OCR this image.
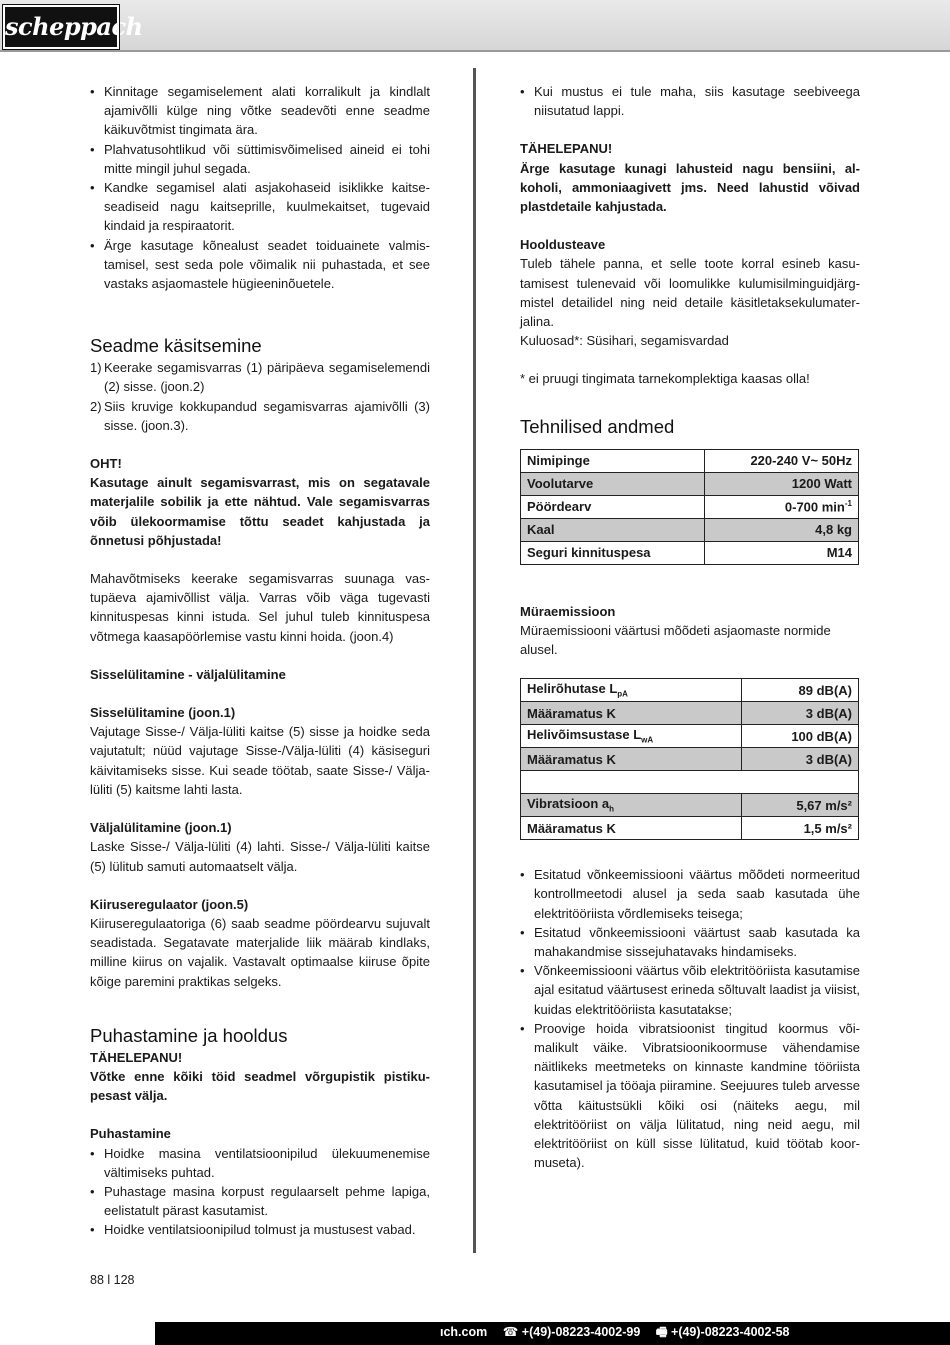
scheppach
• Kinnitage segamiselement alati korralikult ja kindlalt ajamivõlli külge ning võtke seadevõti enne seadme käikuvõtmist tingimata ära.
• Plahvatusohtlikud või süttimisvõimelised aineid ei tohi mitte mingil juhul segada.
• Kandke segamisel alati asjakohaseid isiklikke kaitseseadiseid nagu kaitseprille, kuulmekaitset, tugevaid kindaid ja respiraatorit.
• Ärge kasutage kõnealust seadet toiduainete valmistamisel, sest seda pole võimalik nii puhastada, et see vastaks asjaomastele hügieeninõuetele.
Seadme käsitsemine
1) Keerake segamisvarras (1) päripäeva segamiselemendi (2) sisse. (joon.2)
2) Siis kruvige kokkupandud segamisvarras ajamivõlli (3) sisse. (joon.3).

OHT!

Kasutage ainult segamisvarrast, mis on segatavale materjalile sobilik ja ette nähtud. Vale segamisvarras võib ülekoormamise tõttu seadet kahjustada ja õnnetusi põhjustada!

Mahavõtmiseks keerake segamisvarras suunaga vastupäeva ajamivõllist välja. Varras võib väga tugevasti kinnituspesas kinni istuda. Sel juhul tuleb kinnituspesa võtmega kaasapöörlemise vastu kinni hoida. (joon.4)

Sisselülitamine - väljalülitamine

Sisselülitamine (joon.1)

Vajutage Sisse-/ Välja-lüliti kaitse (5) sisse ja hoidke seda vajutatult; nüüd vajutage Sisse-/Välja-lüliti (4) käsiseguri käivitamiseks sisse. Kui seade töötab, saate Sisse-/ Välja-lüliti (5) kaitsme lahti lasta.

Väljalülitamine (joon.1)

Laske Sisse-/ Välja-lüliti (4) lahti. Sisse-/ Välja-lüliti kaitse (5) lülitub samuti automaatselt välja.

Kiiruseregulaator (joon.5)

Kiiruseregulaatoriga (6) saab seadme pöördearvu sujuvalt seadistada. Segatavate materjalide liik määrab kindlaks, milline kiirus on vajalik. Vastavalt optimaalse kiiruse õpite kõige paremini praktikas selgeks.

Puhastamine ja hooldus

TÄHELEPANU!

Võtke enne kõiki töid seadmel võrgupistik pistikupesast välja.

Puhastamine

• Hoidke masina ventilatsioonipilud ülekuumenemise vältimiseks puhtad.
• Puhastage masina korpust regulaarselt pehme lapiga, eelistatult pärast kasutamist.
• Hoidke ventilatsioonipilud tolmust ja mustusest vabad.
• Kui mustus ei tule maha, siis kasutage seebiveega niisutatud lappi.

TÄHELEPANU!

Ärge kasutage kunagi lahusteid nagu bensiini, alkoholi, ammoniaagivett jms. Need lahustid võivad plastdetaile kahjustada.

Hooldusteave

Tuleb tähele panna, et selle toote korral esineb kasutamisest tulenevaid või loomulikke kulumisilminguidjärgmistel detailidel ning neid detaile käsitletaksekulumaterjalina.

Kuluosad*: Süsihari, segamisvardad

* ei pruugi tingimata tarnekomplektiga kaasas olla!

Tehnilised andmed
Nimipinge	220-240 V~ 50Hz
Voolutarve	1200 Watt
Pöördearv	0-700 $\min^{-1}$
Kaal	4,8 kg
Seguri kinnituspesa	M14

Müraemissioon

Müraemissiooni väärtusi mõõdeti asjaomaste normide alusel.

Helirõhutase $L_{pA}$	89 dB(A)
Määramatus K	3 dB(A)
Helivõimsustase $L_{wA}$	100 dB(A)
Määramatus K	3 dB(A)

Vibratsioon $a_h$	5,67 m/s²
Määramatus K	1,5 m/s²
• Esitatud võnkeemissiooni väärtus mõõdeti normeeritud kontrollmeetodi alusel ja seda saab kasutada ühe elektritööriista võrdlemiseks teisega;
• Esitatud võnkeemissiooni väärtust saab kasutada ka mahakandmise sissejuhatavaks hindamiseks.
• Võnkeemissiooni väärtus võib elektritööriista kasutamise ajal esitatud väärtusest erineda sõltuvalt laadist ja viisist, kuidas elektritööriista kasutatakse;
• Proovige hoida vibratsioonist tingitud koormus võimalikult väike. Vibratsioonikoormuse vähendamise näitlikeks meetmeteks on kinnaste kandmine tööriista kasutamisel ja tööaja piiramine. Seejuures tuleb arvesse võtta käitustsükli kõiki osi (näiteks aegu, mil elektritööriist on välja lülitatud, ning neid aegu, mil elektritööriist on küll sisse lülitatud, kuid töötab koormuseta).
88 l 128
ıch.com ☎ +(49)-08223-4002-99 🖷 +(49)-08223-4002-58
